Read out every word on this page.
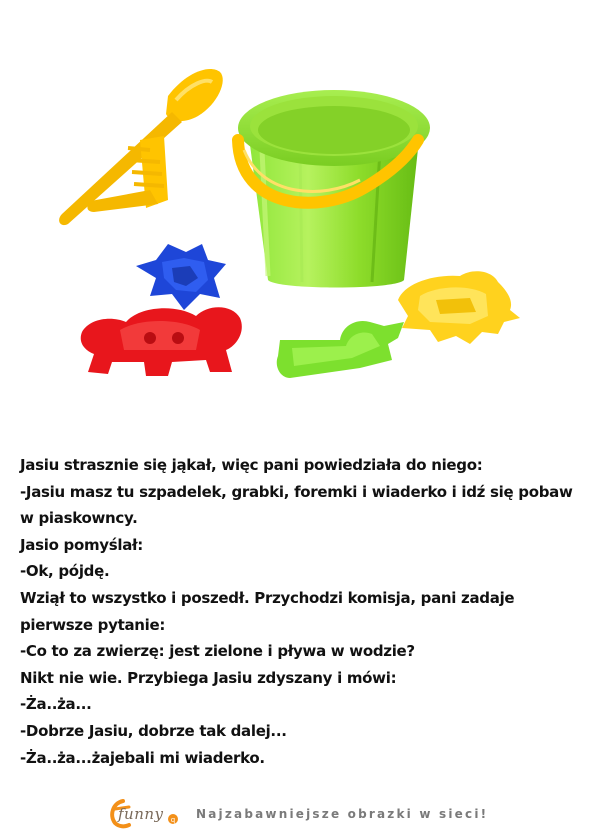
Jasiu strasznie się jąkał, więc pani powiedziała do niego:
-Jasiu masz tu szpadelek, grabki, foremki i wiaderko i idź się pobaw
w piaskowncy.
Jasio pomyślał:
-Ok, pójdę.
Wziął to wszystko i poszedł. Przychodzi komisja, pani zadaje
pierwsze pytanie:
-Co to za zwierzę: jest zielone i pływa w wodzie?
Nikt nie wie. Przybiega Jasiu zdyszany i mówi:
-Ża..ża...
-Dobrze Jasiu, dobrze tak dalej...
-Ża..ża...żajebali mi wiaderko.
q
funny	Najzabawniejsze obrazki w sieci!
